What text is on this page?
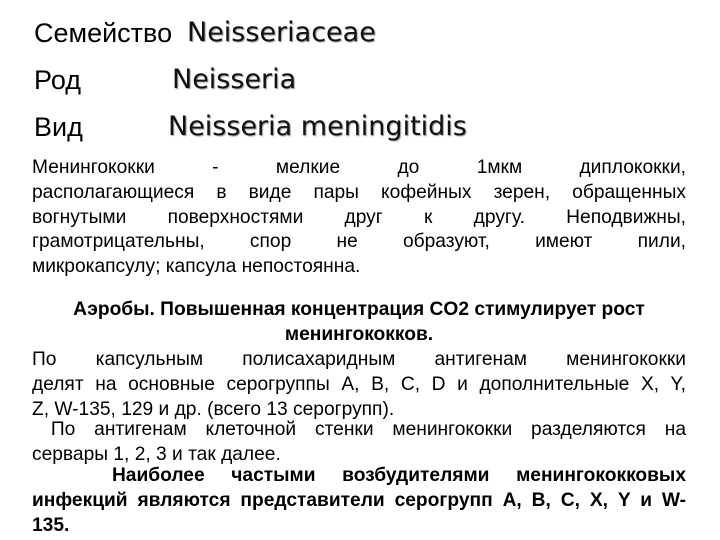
Семейство Neisseriaceae
Род	Neisseria
Вид	Neisseria meningitidis
Менингококки - мелкие до 1мкм диплококки,
располагающиеся в виде пары кофейных зерен, обращенных
вогнутыми поверхностями друг к другу. Неподвижны,
грамотрицательны, спор не образуют, имеют пили,
микрокапсулу; капсула непостоянна.
Аэробы. Повышенная концентрация CO2 стимулирует рост
менингококков.
По капсульным полисахаридным антигенам менингококки
делят на основные серогруппы A, B, C, D и дополнительные X, Y,
Z, W-135, 129 и др. (всего 13 серогрупп).
По антигенам клеточной стенки менингококки разделяются на
сервары 1, 2, 3 и так далее.
Наиболее частыми возбудителями менингококковых
инфекций являются представители серогрупп А, В, С, Х, Y и W-
135.
